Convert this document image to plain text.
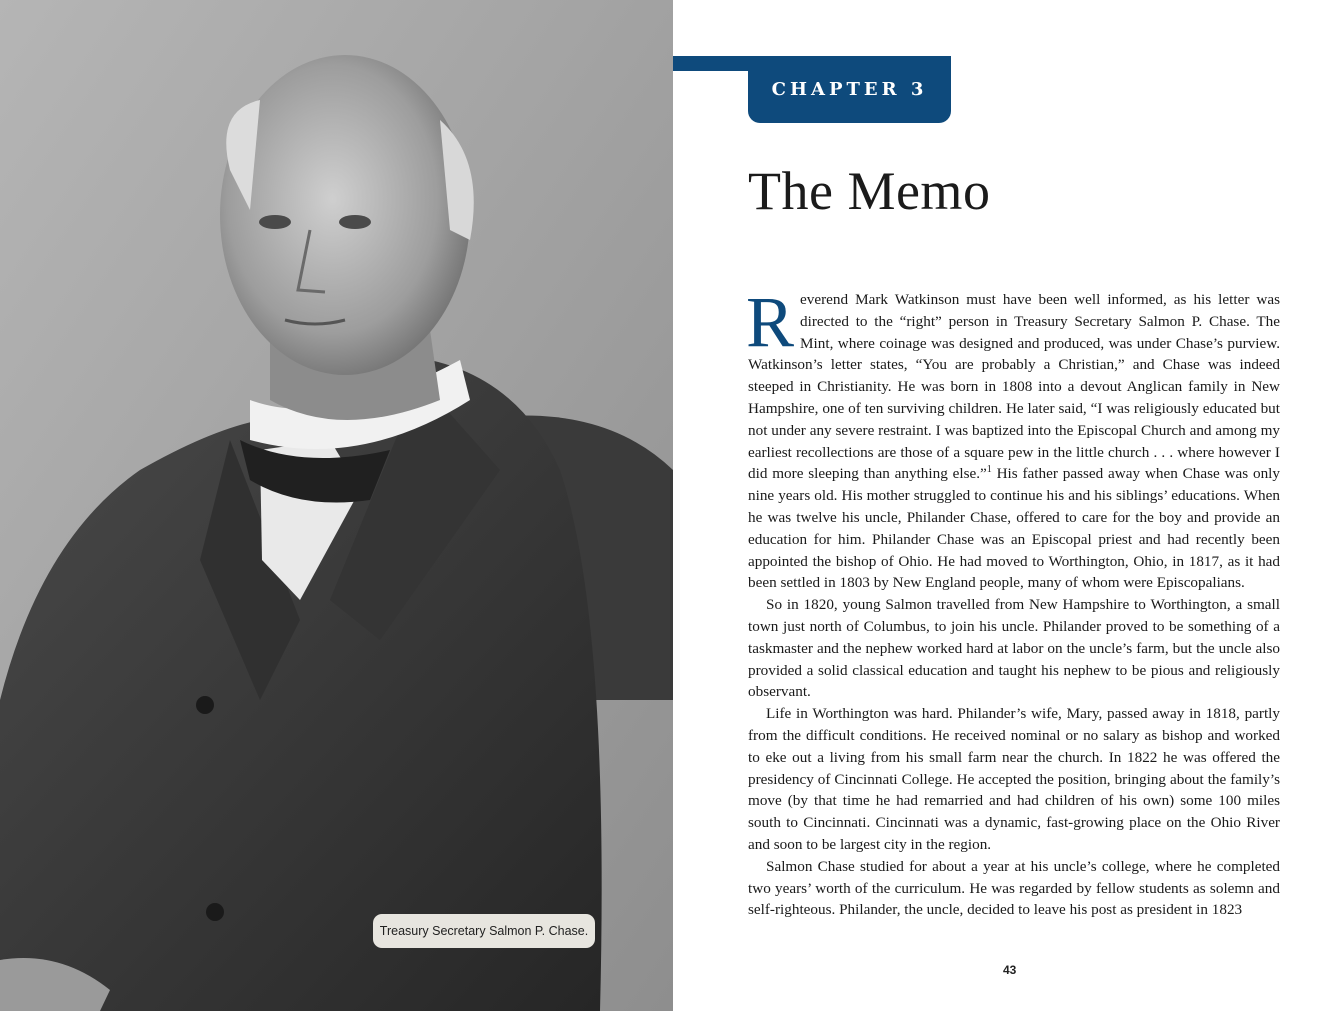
Treasury Secretary Salmon P. Chase.
CHAPTER 3
The Memo

Reverend Mark Watkinson must have been well informed, as his letter was directed to the “right” person in Treasury Secretary Salmon P. Chase. The Mint, where coinage was designed and produced, was under Chase’s purview. Watkinson’s letter states, “You are probably a Christian,” and Chase was indeed steeped in Christianity. He was born in 1808 into a devout Anglican family in New Hampshire, one of ten surviving children. He later said, “I was religiously educated but not under any severe restraint. I was baptized into the Episcopal Church and among my earliest recollections are those of a square pew in the little church . . . where however I did more sleeping than anything else.”$^1$ His father passed away when Chase was only nine years old. His mother struggled to continue his and his siblings’ educations. When he was twelve his uncle, Philander Chase, offered to care for the boy and provide an education for him. Philander Chase was an Episcopal priest and had recently been appointed the bishop of Ohio. He had moved to Worthington, Ohio, in 1817, as it had been settled in 1803 by New England people, many of whom were Episcopalians.

So in 1820, young Salmon travelled from New Hampshire to Worthington, a small town just north of Columbus, to join his uncle. Philander proved to be something of a taskmaster and the nephew worked hard at labor on the uncle’s farm, but the uncle also provided a solid classical education and taught his nephew to be pious and religiously observant.

Life in Worthington was hard. Philander’s wife, Mary, passed away in 1818, partly from the difficult conditions. He received nominal or no salary as bishop and worked to eke out a living from his small farm near the church. In 1822 he was offered the presidency of Cincinnati College. He accepted the position, bringing about the family’s move (by that time he had remarried and had children of his own) some 100 miles south to Cincinnati. Cincinnati was a dynamic, fast-growing place on the Ohio River and soon to be largest city in the region.

Salmon Chase studied for about a year at his uncle’s college, where he completed two years’ worth of the curriculum. He was regarded by fellow students as solemn and self-righteous. Philander, the uncle, decided to leave his post as president in 1823

43
